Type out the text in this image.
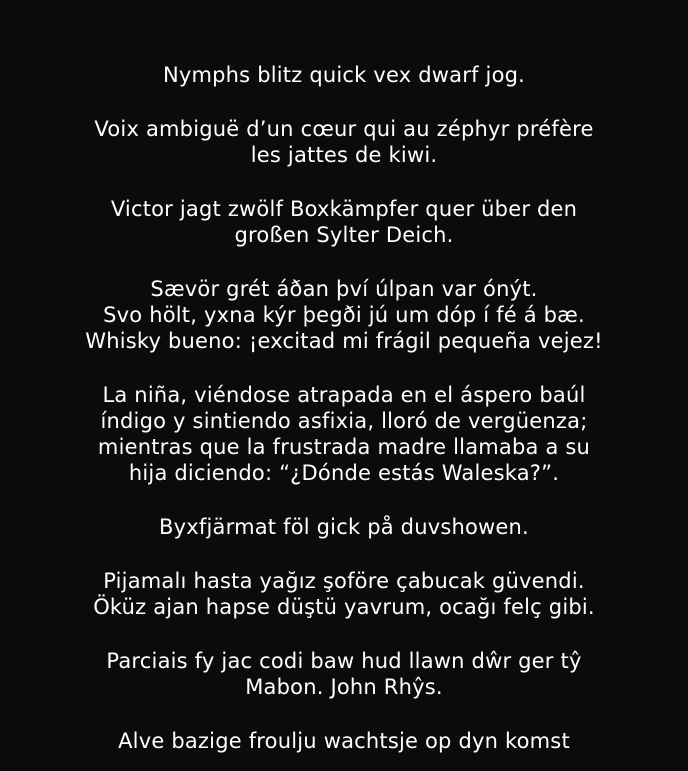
Nymphs blitz quick vex dwarf jog.

Voix ambiguë d’un cœur qui au zéphyr préfère
les jattes de kiwi.

Victor jagt zwölf Boxkämpfer quer über den
großen Sylter Deich.

Sævör grét áðan því úlpan var ónýt.
Svo hölt, yxna kýr þegði jú um dóp í fé á bæ.
Whisky bueno: ¡excitad mi frágil pequeña vejez!

La niña, viéndose atrapada en el áspero baúl
índigo y sintiendo asfixia, lloró de vergüenza;
mientras que la frustrada madre llamaba a su
hija diciendo: “¿Dónde estás Waleska?”.

Byxfjärmat föl gick på duvshowen.

Pijamalı hasta yağız şoföre çabucak güvendi.
Öküz ajan hapse düştü yavrum, ocağı felç gibi.

Parciais fy jac codi baw hud llawn dŵr ger tŷ
Mabon. John Rhŷs.

Alve bazige froulju wachtsje op dyn komst
